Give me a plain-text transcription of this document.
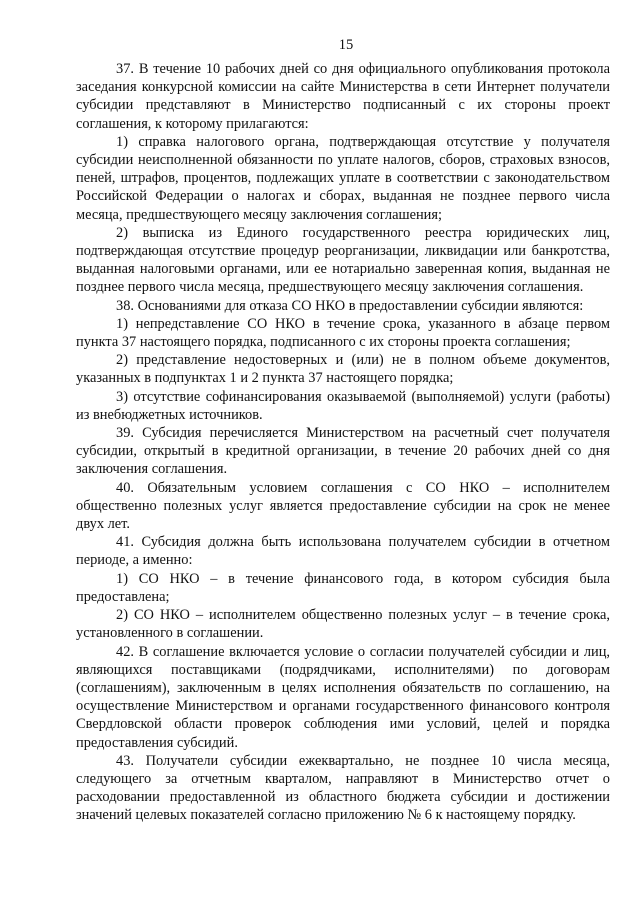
15

37. В течение 10 рабочих дней со дня официального опубликования протокола заседания конкурсной комиссии на сайте Министерства в сети Интернет получатели субсидии представляют в Министерство подписанный с их стороны проект соглашения, к которому прилагаются:

1) справка налогового органа, подтверждающая отсутствие у получателя субсидии неисполненной обязанности по уплате налогов, сборов, страховых взносов, пеней, штрафов, процентов, подлежащих уплате в соответствии с законодательством Российской Федерации о налогах и сборах, выданная не позднее первого числа месяца, предшествующего месяцу заключения соглашения;

2) выписка из Единого государственного реестра юридических лиц, подтверждающая отсутствие процедур реорганизации, ликвидации или банкротства, выданная налоговыми органами, или ее нотариально заверенная копия, выданная не позднее первого числа месяца, предшествующего месяцу заключения соглашения.

38. Основаниями для отказа СО НКО в предоставлении субсидии являются:

1) непредставление СО НКО в течение срока, указанного в абзаце первом пункта 37 настоящего порядка, подписанного с их стороны проекта соглашения;

2) представление недостоверных и (или) не в полном объеме документов, указанных в подпунктах 1 и 2 пункта 37 настоящего порядка;

3) отсутствие софинансирования оказываемой (выполняемой) услуги (работы) из внебюджетных источников.

39. Субсидия перечисляется Министерством на расчетный счет получателя субсидии, открытый в кредитной организации, в течение 20 рабочих дней со дня заключения соглашения.

40. Обязательным условием соглашения с СО НКО – исполнителем общественно полезных услуг является предоставление субсидии на срок не менее двух лет.

41. Субсидия должна быть использована получателем субсидии в отчетном периоде, а именно:

1) СО НКО – в течение финансового года, в котором субсидия была предоставлена;

2) СО НКО – исполнителем общественно полезных услуг – в течение срока, установленного в соглашении.

42. В соглашение включается условие о согласии получателей субсидии и лиц, являющихся поставщиками (подрядчиками, исполнителями) по договорам (соглашениям), заключенным в целях исполнения обязательств по соглашению, на осуществление Министерством и органами государственного финансового контроля Свердловской области проверок соблюдения ими условий, целей и порядка предоставления субсидий.

43. Получатели субсидии ежеквартально, не позднее 10 числа месяца, следующего за отчетным кварталом, направляют в Министерство отчет о расходовании предоставленной из областного бюджета субсидии и достижении значений целевых показателей согласно приложению № 6 к настоящему порядку.
